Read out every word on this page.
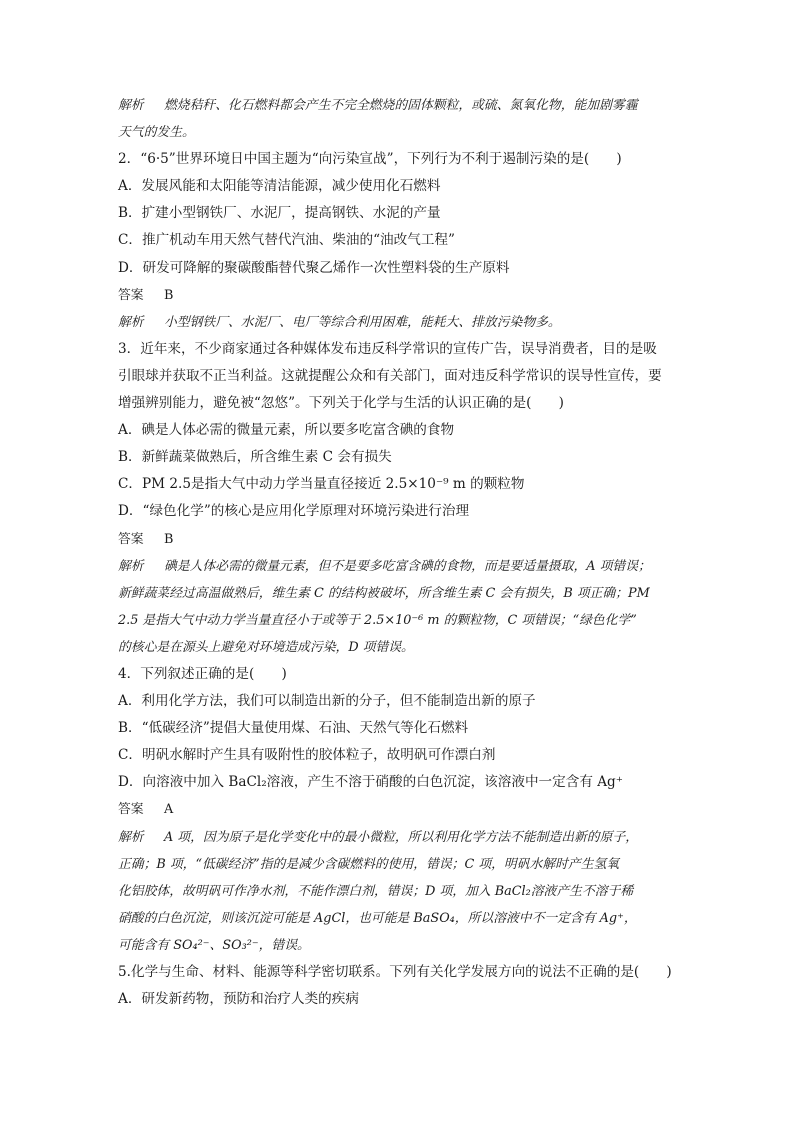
解析 燃烧秸秆、化石燃料都会产生不完全燃烧的固体颗粒，或硫、氮氧化物，能加剧雾霾
天气的发生。
2．“6·5”世界环境日中国主题为“向污染宣战”，下列行为不利于遏制污染的是(　　)
A．发展风能和太阳能等清洁能源，减少使用化石燃料
B．扩建小型钢铁厂、水泥厂，提高钢铁、水泥的产量
C．推广机动车用天然气替代汽油、柴油的“油改气工程”
D．研发可降解的聚碳酸酯替代聚乙烯作一次性塑料袋的生产原料
答案 B
解析 小型钢铁厂、水泥厂、电厂等综合利用困难，能耗大、排放污染物多。
3．近年来，不少商家通过各种媒体发布违反科学常识的宣传广告，误导消费者，目的是吸
引眼球并获取不正当利益。这就提醒公众和有关部门，面对违反科学常识的误导性宣传，要
增强辨别能力，避免被“忽悠”。下列关于化学与生活的认识正确的是(　　)
A．碘是人体必需的微量元素，所以要多吃富含碘的食物
B．新鲜蔬菜做熟后，所含维生素 C 会有损失
C．PM 2.5是指大气中动力学当量直径接近 2.5×10⁻⁹ m 的颗粒物
D．“绿色化学”的核心是应用化学原理对环境污染进行治理
答案 B
解析 碘是人体必需的微量元素，但不是要多吃富含碘的食物，而是要适量摄取，A 项错误；
新鲜蔬菜经过高温做熟后，维生素 C 的结构被破坏，所含维生素 C 会有损失，B 项正确；PM
2.5 是指大气中动力学当量直径小于或等于 2.5×10⁻⁶ m 的颗粒物，C 项错误；“绿色化学”
的核心是在源头上避免对环境造成污染，D 项错误。
4．下列叙述正确的是(　　)
A．利用化学方法，我们可以制造出新的分子，但不能制造出新的原子
B．“低碳经济”提倡大量使用煤、石油、天然气等化石燃料
C．明矾水解时产生具有吸附性的胶体粒子，故明矾可作漂白剂
D．向溶液中加入 BaCl₂溶液，产生不溶于硝酸的白色沉淀，该溶液中一定含有 Ag⁺
答案 A
解析 A 项，因为原子是化学变化中的最小微粒，所以利用化学方法不能制造出新的原子，
正确；B 项，“低碳经济”指的是减少含碳燃料的使用，错误；C 项，明矾水解时产生氢氧
化铝胶体，故明矾可作净水剂，不能作漂白剂，错误；D 项，加入 BaCl₂溶液产生不溶于稀
硝酸的白色沉淀，则该沉淀可能是 AgCl，也可能是 BaSO₄，所以溶液中不一定含有 Ag⁺，
可能含有 SO₄²⁻、SO₃²⁻，错误。
5.化学与生命、材料、能源等科学密切联系。下列有关化学发展方向的说法不正确的是(　　)
A．研发新药物，预防和治疗人类的疾病
